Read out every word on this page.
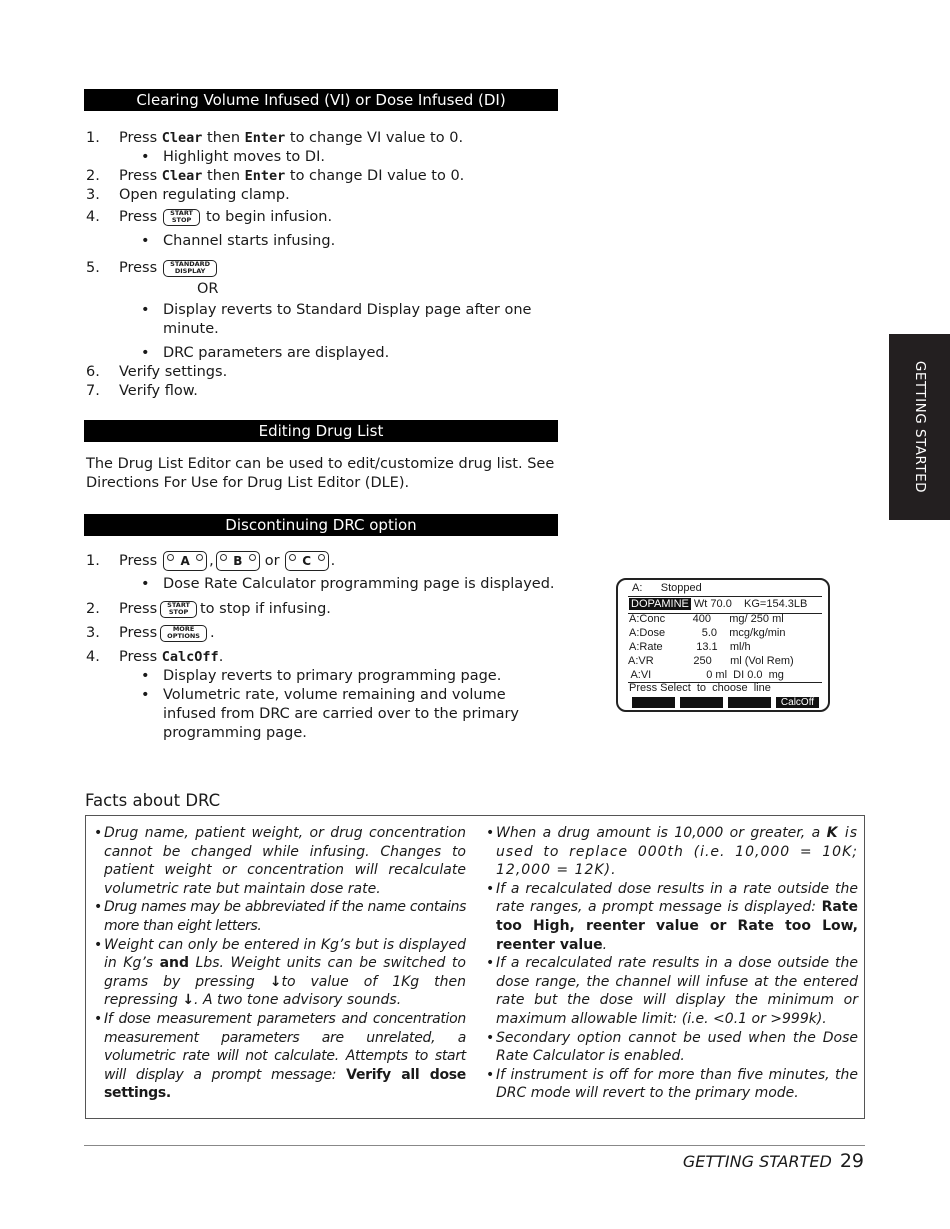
Clearing Volume Infused (VI) or Dose Infused (DI)
1.	Press Clear then Enter to change VI value to 0.
• Highlight moves to DI.
2.	Press Clear then Enter to change DI value to 0.
3.	Open regulating clamp.
4.	Press START
STOP to begin infusion.
• Channel starts infusing.
5.	Press STANDARD
DISPLAY
OR
• Display reverts to Standard Display page after one minute.
• DRC parameters are displayed.
6.	Verify settings.
7.	Verify flow.
Editing Drug List
The Drug List Editor can be used to edit/customize drug list. See Directions For Use for Drug List Editor (DLE).
Discontinuing DRC option
1.	Press	A	,	B	or	C	.
• Dose Rate Calculator programming page is displayed.
2.	Press START
STOP to stop if infusing.
3.	Press MORE
OPTIONS .
4.	Press CalcOff.
• Display reverts to primary programming page.
• Volumetric rate, volume remaining and volume infused from DRC are carried over to the primary programming page.
A:      Stopped
DOPAMINE Wt 70.0    KG=154.3LB
A:Conc         400      mg/ 250 ml
A:Dose            5.0    mcg/kg/min
A:Rate           13.1    ml/h
A:VR             250      ml (Vol Rem)
A:VI                  0 ml  DI 0.0  mg
Press Select  to  choose  line
CalcOff
GETTING STARTED
Facts about DRC
• Drug name, patient weight, or drug concentration cannot be changed while infusing. Changes to patient weight or concentration will recalculate volumetric rate but maintain dose rate.
• Drug names may be abbreviated if the name contains more than eight letters.
• Weight can only be entered in Kg’s but is displayed in Kg’s and Lbs. Weight units can be switched to grams by pressing ↓to value of 1Kg then repressing ↓. A two tone advisory sounds.
• If dose measurement parameters and concentration measurement parameters are unrelated, a volumetric rate will not calculate. Attempts to start will display a prompt message: Verify all dose settings.
• When a drug amount is 10,000 or greater, a K is used to replace 000th (i.e. 10,000 = 10K; 12,000 = 12K).
• If a recalculated dose results in a rate outside the rate ranges, a prompt message is displayed: Rate too High, reenter value or Rate too Low, reenter value.
• If a recalculated rate results in a dose outside the dose range, the channel will infuse at the entered rate but the dose will display the minimum or maximum allowable limit: (i.e. <0.1 or >999k).
• Secondary option cannot be used when the Dose Rate Calculator is enabled.
• If instrument is off for more than five minutes, the DRC mode will revert to the primary mode.
GETTING STARTED 29
